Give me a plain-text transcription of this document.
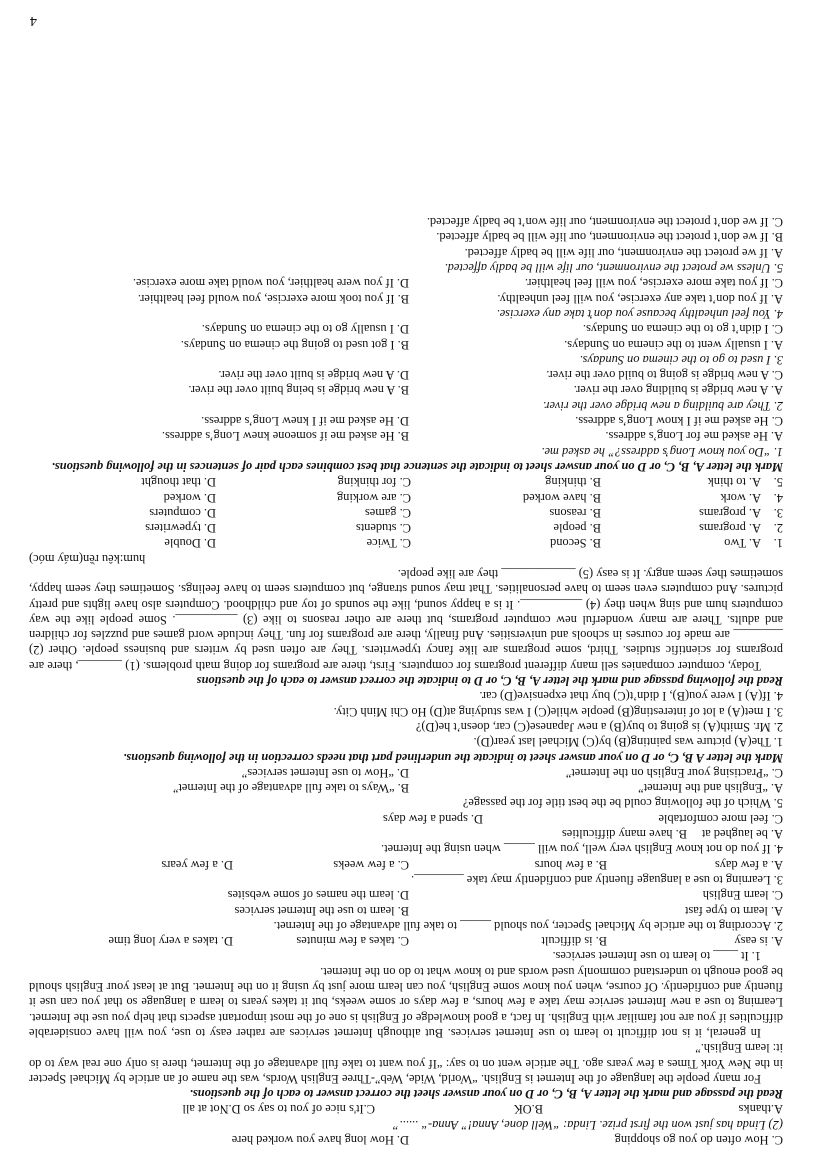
C. How often do you go shopping
D. How long have you worked here

(2) Linda has just won the first prize. Linda: “Well done, Anna!” Anna-“ ......”

A.thanks
B.OK
C.It's nice of you to say so D.Not at all

Read the passage and mark the letter A, B, C, or D on your answer sheet the correct answer to each of the questions.

For many people the language of the Internet is English. “World, Wide, Web”-Three English Words, was the name of an article by Michael Specter in the New York Times a few years ago. The article went on to say: “If you want to take full advantage of the Internet, there is only one real way to do it: learn English.”

In general, it is not difficult to learn to use Internet services. But although Internet services are rather easy to use, you will have considerable difficulties if you are not familiar with English. In fact, a good knowledge of English is one of the most important aspects that help you use the Internet. Learning to use a new Internet service may take a few hours, a few days or some weeks, but it takes years to learn a language so that you can use it fluently and confidently. Of course, when you know some English, you can learn more just by using it on the Internet. But at least your English should be good enough to understand commonly used words and to know what to do on the Internet.

1. It ____ to learn to use Internet services.

A. is easy
B. is difficult
C. takes a few minutes
D. takes a very long time

2. According to the article by Michael Specter, you should _____ to take full advantage of the Internet.

A. learn to type fast
B. learn to use the Internet services
C. learn English
D. learn the names of some websites

3. Learning to use a language fluently and confidently may take ________.

A. a few days
B. a few hours
C. a few weeks
D. a few years

4. If you do not know English very well, you will _____ when using the Internet.

A. be laughed at
B. have many difficulties
C. feel more comfortable
D. spend a few days

5. Which of the following could be the best title for the passage?

A. “English and the Internet”
B. “Ways to take full advantage of the Internet”
C. “Practising your English on the Internet”
D. “How to use Internet services”

Mark the letter A B, C, or D on your answer sheet to indicate the underlined part that needs correction in the following questions.

1. The(A) picture was painting(B) by(C) Michael last year(D).

2. Mr. Smith(A) is going to buy(B) a new Japanese(C) car, doesn’t he(D)?

3. I met(A) a lot of interesting(B) people while(C) I was studying at(D) Ho Chi Minh City.

4. If(A) I were you(B), I didn’t(C) buy that expensive(D) car.

Read the following passage and mark the letter A, B, C, or D to indicate the correct answer to each of the questions

Today, computer companies sell many different programs for computers. First, there are programs for doing math problems. (1) _______, there are programs for scientific studies. Third, some programs are like fancy typewriters. They are often used by writers and business people. Other (2) ________ are made for courses in schools and universities. And finally, there are programs for fun. They include word games and puzzles for children and adults. There are many wonderful new computer programs, but there are other reasons to like (3) __________. Some people like the way computers hum and sing when they (4) __________. It is a happy sound, like the sounds of toy and childhood. Computers also have lights and pretty pictures. And computers even seem to have personalities. That may sound strange, but computers seem to have feelings. Sometimes they seem happy, sometimes they seem angry. It is easy (5) ____________ they are like people.

hum:kêu rền(máy móc)

1.
A. Two
B. Second
C. Twice
D. Double
2.
A. programs
B. people
C. students
D. typewriters
3.
A. programs
B. reasons
C. games
D. computers
4.
A. work
B. have worked
C. are working
D. worked
5.
A. to think
B. thinking
C. for thinking
D. that thought

Mark the letter A, B, C, or D on your answer sheet to indicate the sentence that best combines each pair of sentences in the following questions.

1. “Do you know Long’s address?” he asked me.

A. He asked me for Long’s address.
B. He asked me if someone knew Long’s address.
C. He asked me if I know Long’s address.
D. He asked me if I knew Long’s address.

2. They are building a new bridge over the river.

A. A new bridge is building over the river.
B. A new bridge is being built over the river.
C. A new bridge is going to build over the river.
D. A new bridge is built over the river.

3. I used to go to the cinema on Sundays.

A. I usually went to the cinema on Sundays.
B. I got used to going the cinema on Sundays.
C. I didn’t go to the cinema on Sundays.
D. I usually go to the cinema on Sundays.

4. You feel unhealthy because you don’t take any exercise.

A. If you don’t take any exercise, you will feel unhealthy.
B. If you took more exercise, you would feel healthier.
C. If you take more exercise, you will feel healthier.
D. If you were healthier, you would take more exercise.

5. Unless we protect the environment, our life will be badly affected.

A. If we protect the environment, our life will be badly affected.

B. If we don’t protect the environment, our life will be badly affected.

C. If we don’t protect the environment, our life won’t be badly affected.

4
